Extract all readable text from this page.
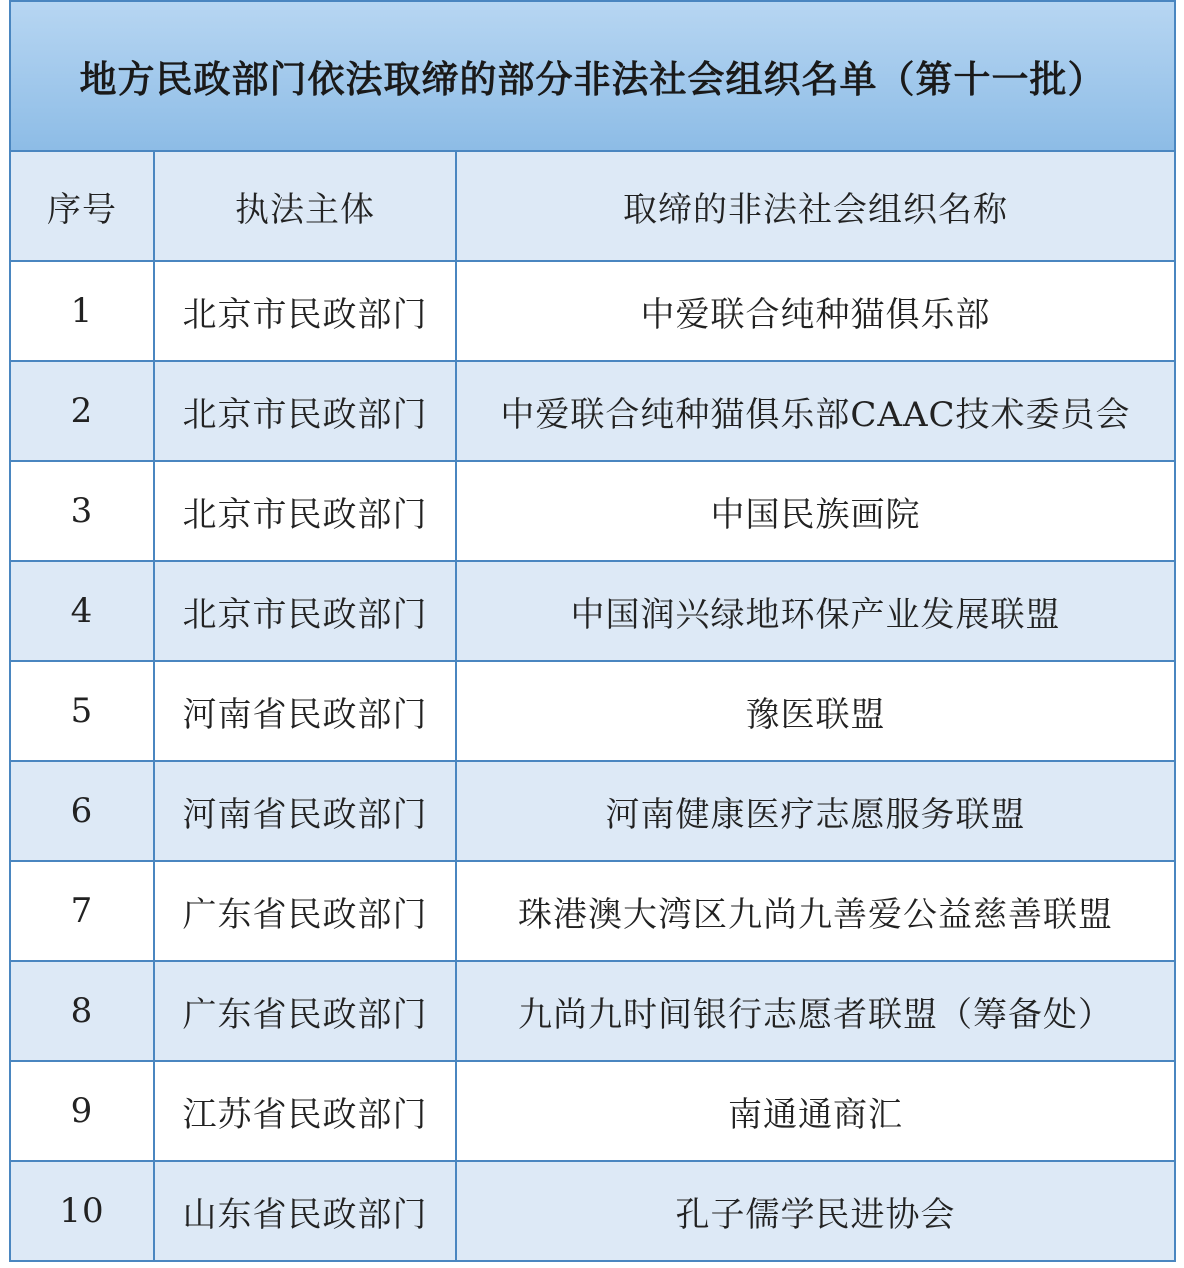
地方民政部门依法取缔的部分非法社会组织名单（第十一批）
序号	执法主体	取缔的非法社会组织名称
1	北京市民政部门	中爱联合纯种猫俱乐部
2	北京市民政部门	中爱联合纯种猫俱乐部CAAC技术委员会
3	北京市民政部门	中国民族画院
4	北京市民政部门	中国润兴绿地环保产业发展联盟
5	河南省民政部门	豫医联盟
6	河南省民政部门	河南健康医疗志愿服务联盟
7	广东省民政部门	珠港澳大湾区九尚九善爱公益慈善联盟
8	广东省民政部门	九尚九时间银行志愿者联盟（筹备处）
9	江苏省民政部门	南通通商汇
10	山东省民政部门	孔子儒学民进协会
